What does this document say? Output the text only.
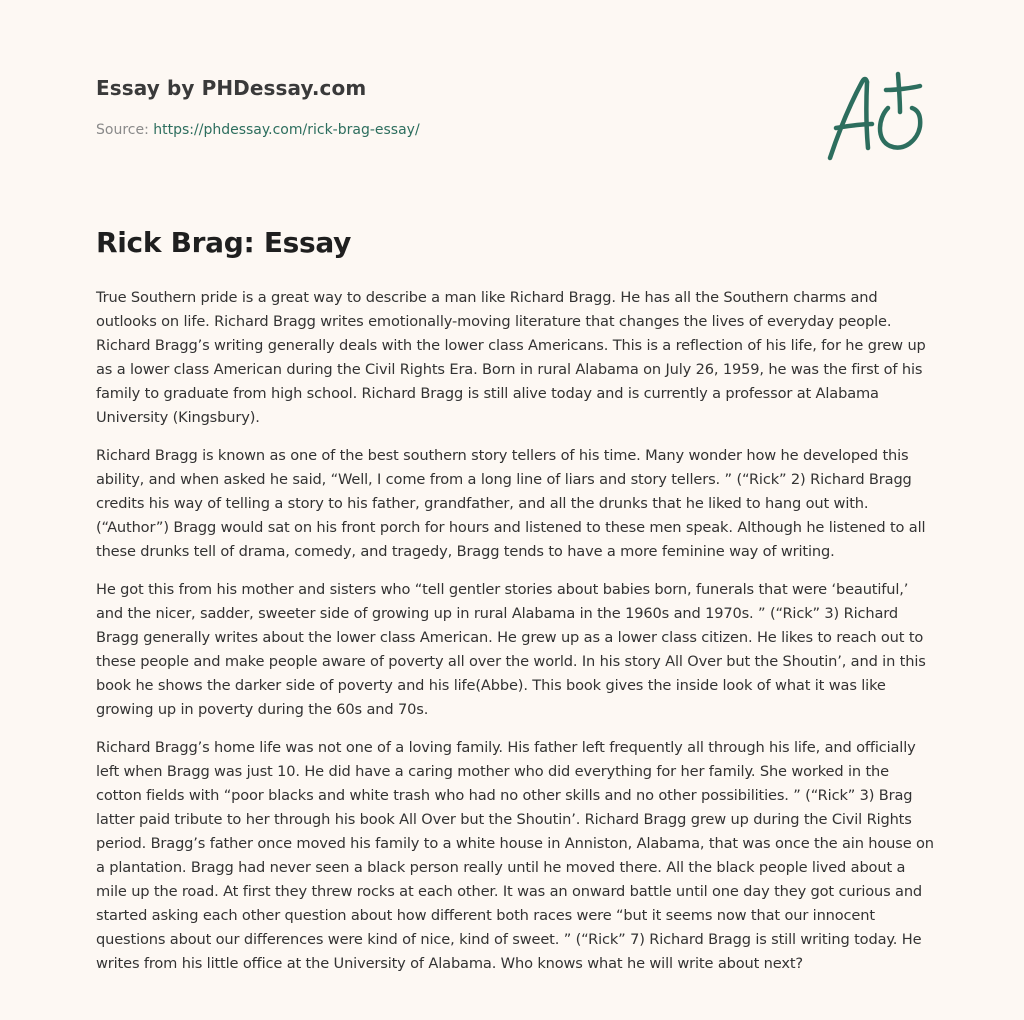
Essay by PHDessay.com
Source: https://phdessay.com/rick-brag-essay/
Rick Brag: Essay

True Southern pride is a great way to describe a man like Richard Bragg. He has all the Southern charms and outlooks on life. Richard Bragg writes emotionally-moving literature that changes the lives of everyday people. Richard Bragg’s writing generally deals with the lower class Americans. This is a reflection of his life, for he grew up as a lower class American during the Civil Rights Era. Born in rural Alabama on July 26, 1959, he was the first of his family to graduate from high school. Richard Bragg is still alive today and is currently a professor at Alabama University (Kingsbury).

Richard Bragg is known as one of the best southern story tellers of his time. Many wonder how he developed this ability, and when asked he said, “Well, I come from a long line of liars and story tellers. ” (“Rick” 2) Richard Bragg credits his way of telling a story to his father, grandfather, and all the drunks that he liked to hang out with. (“Author”) Bragg would sat on his front porch for hours and listened to these men speak. Although he listened to all these drunks tell of drama, comedy, and tragedy, Bragg tends to have a more feminine way of writing.

He got this from his mother and sisters who “tell gentler stories about babies born, funerals that were ‘beautiful,’ and the nicer, sadder, sweeter side of growing up in rural Alabama in the 1960s and 1970s. ” (“Rick” 3) Richard Bragg generally writes about the lower class American. He grew up as a lower class citizen. He likes to reach out to these people and make people aware of poverty all over the world. In his story All Over but the Shoutin’, and in this book he shows the darker side of poverty and his life(Abbe). This book gives the inside look of what it was like growing up in poverty during the 60s and 70s.

Richard Bragg’s home life was not one of a loving family. His father left frequently all through his life, and officially left when Bragg was just 10. He did have a caring mother who did everything for her family. She worked in the cotton fields with “poor blacks and white trash who had no other skills and no other possibilities. ” (“Rick” 3) Brag latter paid tribute to her through his book All Over but the Shoutin’. Richard Bragg grew up during the Civil Rights period. Bragg’s father once moved his family to a white house in Anniston, Alabama, that was once the ain house on a plantation. Bragg had never seen a black person really until he moved there. All the black people lived about a mile up the road. At first they threw rocks at each other. It was an onward battle until one day they got curious and started asking each other question about how different both races were “but it seems now that our innocent questions about our differences were kind of nice, kind of sweet. ” (“Rick” 7) Richard Bragg is still writing today. He writes from his little office at the University of Alabama. Who knows what he will write about next?
